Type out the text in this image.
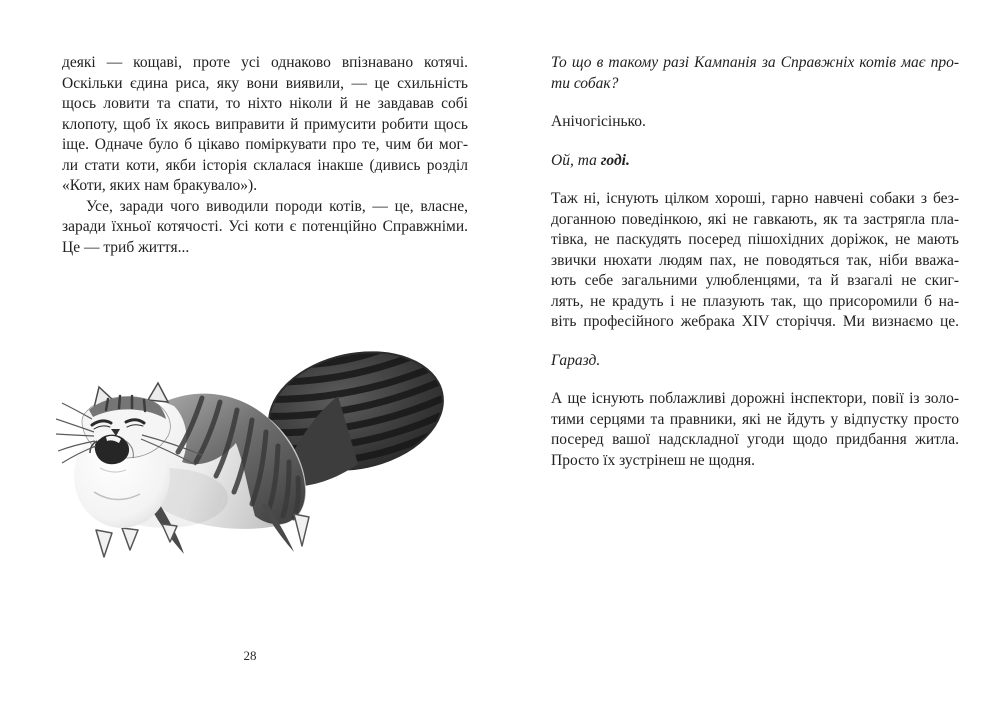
деякі — кощаві, проте усі однаково впізнавано котячі.
Оскільки єдина риса, яку вони виявили, — це схильність
щось ловити та спати, то ніхто ніколи й не завдавав собі
клопоту, щоб їх якось виправити й примусити робити щось
іще. Одначе було б цікаво поміркувати про те, чим би мог-
ли стати коти, якби історія склалася інакше (дивись розділ
«Коти, яких нам бракувало»).
Усе, заради чого виводили породи котів, — це, власне,
заради їхньої котячості. Усі коти є потенційно Справжніми.
Це — триб життя...
28
То що в такому разі Кампанія за Справжніх котів має про-
ти собак?
Анічогісінько.
Ой, та годі.
Таж ні, існують цілком хороші, гарно навчені собаки з без-
доганною поведінкою, які не гавкають, як та застрягла пла-
тівка, не паскудять посеред пішохідних доріжок, не мають
звички нюхати людям пах, не поводяться так, ніби вважа-
ють себе загальними улюбленцями, та й взагалі не скиг-
лять, не крадуть і не плазують так, що присоромили б на-
віть професійного жебрака XIV сторіччя. Ми визнаємо це.
Гаразд.
А ще існують поблажливі дорожні інспектори, повії із золо-
тими серцями та правники, які не йдуть у відпустку просто
посеред вашої надскладної угоди щодо придбання житла.
Просто їх зустрінеш не щодня.
